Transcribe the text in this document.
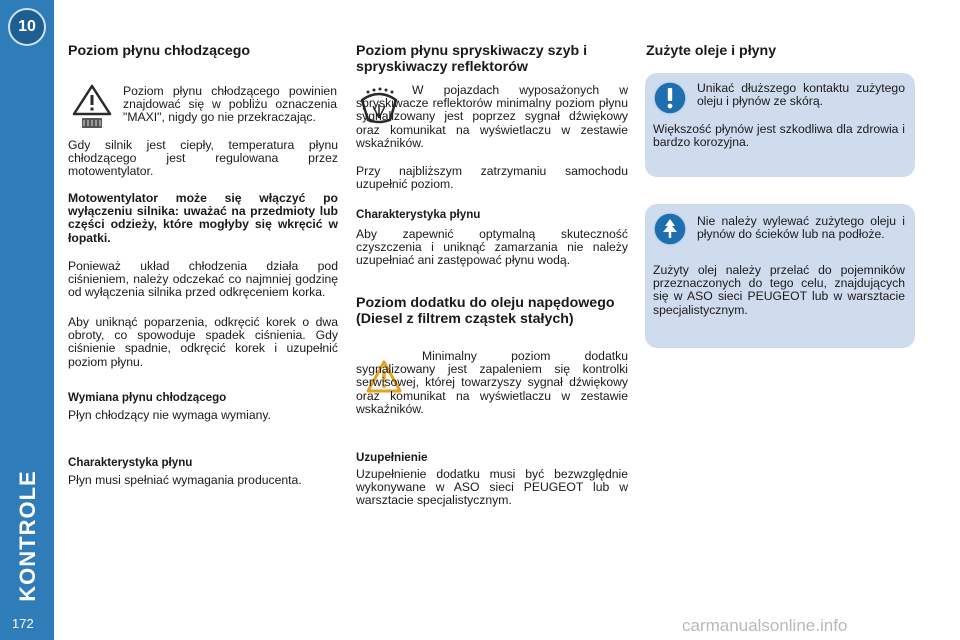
10
KONTROLE
172
Poziom płynu chłodzącego

Poziom płynu chłodzącego powinien znajdować się w pobliżu oznaczenia "MAXI", nigdy go nie przekraczając.

Gdy silnik jest ciepły, temperatura płynu chłodzącego jest regulowana przez motowentylator.

Motowentylator może się włączyć po wyłączeniu silnika: uważać na przedmioty lub części odzieży, które mogłyby się wkręcić w łopatki.

Ponieważ układ chłodzenia działa pod ciśnieniem, należy odczekać co najmniej godzinę od wyłączenia silnika przed odkręceniem korka.

Aby uniknąć poparzenia, odkręcić korek o dwa obroty, co spowoduje spadek ciśnienia. Gdy ciśnienie spadnie, odkręcić korek i uzupełnić poziom płynu.

Wymiana płynu chłodzącego

Płyn chłodzący nie wymaga wymiany.

Charakterystyka płynu

Płyn musi spełniać wymagania producenta.

Poziom płynu spryskiwaczy szyb i spryskiwaczy reflektorów

W pojazdach wyposażonych w spryskiwacze reflektorów minimalny poziom płynu sygnalizowany jest poprzez sygnał dźwiękowy oraz komunikat na wyświetlaczu w zestawie wskaźników.

Przy najbliższym zatrzymaniu samochodu uzupełnić poziom.

Charakterystyka płynu

Aby zapewnić optymalną skuteczność czyszczenia i uniknąć zamarzania nie należy uzupełniać ani zastępować płynu wodą.

Poziom dodatku do oleju napędowego (Diesel z filtrem cząstek stałych)

Minimalny poziom dodatku sygnalizowany jest zapaleniem się kontrolki serwisowej, której towarzyszy sygnał dźwiękowy oraz komunikat na wyświetlaczu w zestawie wskaźników.

Uzupełnienie

Uzupełnienie dodatku musi być bezwzględnie wykonywane w ASO sieci PEUGEOT lub w warsztacie specjalistycznym.

Zużyte oleje i płyny

Unikać dłuższego kontaktu zużytego oleju i płynów ze skórą.

Większość płynów jest szkodliwa dla zdrowia i bardzo korozyjna.

Nie należy wylewać zużytego oleju i płynów do ścieków lub na podłoże.

Zużyty olej należy przelać do pojemników przeznaczonych do tego celu, znajdujących się w ASO sieci PEUGEOT lub w warsztacie specjalistycznym.

carmanualsonline.info
